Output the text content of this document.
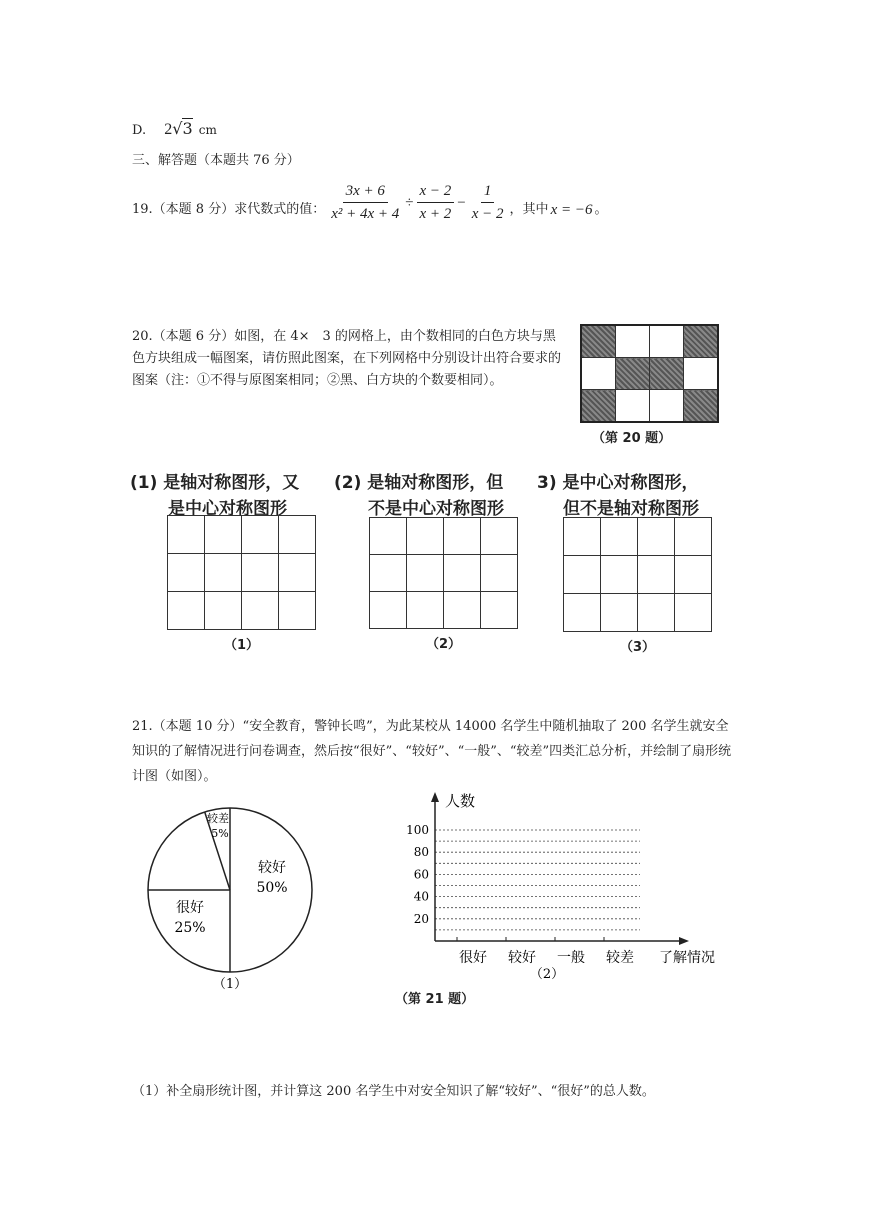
D. 2√3 cm
三、解答题（本题共 76 分）
19.（本题 8 分）求代数式的值： $\frac{3x + 6}{\text{x² + 4x + 4}} \div \frac{x - 2}{x + 2} - \frac{1}{x - 2}$ ，其中 x = −6 。
20.（本题 6 分）如图，在 4×　3 的网格上，由个数相同的白色方块与黑色方块组成一幅图案，请仿照此图案，在下列网格中分别设计出符合要求的图案（注：①不得与原图案相同；②黑、白方块的个数要相同）。

（第 20 题）
(1) 是轴对称图形，又
是中心对称图形
(2) 是轴对称图形，但
不是中心对称图形
3) 是中心对称图形，
但不是轴对称图形

（1）

				（2）

				（3）
21.（本题 10 分）“安全教育，警钟长鸣”，为此某校从 14000 名学生中随机抽取了 200 名学生就安全知识的了解情况进行问卷调查，然后按“很好”、“较好”、“一般”、“较差”四类汇总分析，并绘制了扇形统计图（如图）。
较好
50%
很好
25%
较差
5%
（1）
20
40
60
80
100
很好 较好 一般 较差
人数
了解情况
（2）
（第 21 题）
（1）补全扇形统计图，并计算这 200 名学生中对安全知识了解“较好”、“很好”的总人数。
